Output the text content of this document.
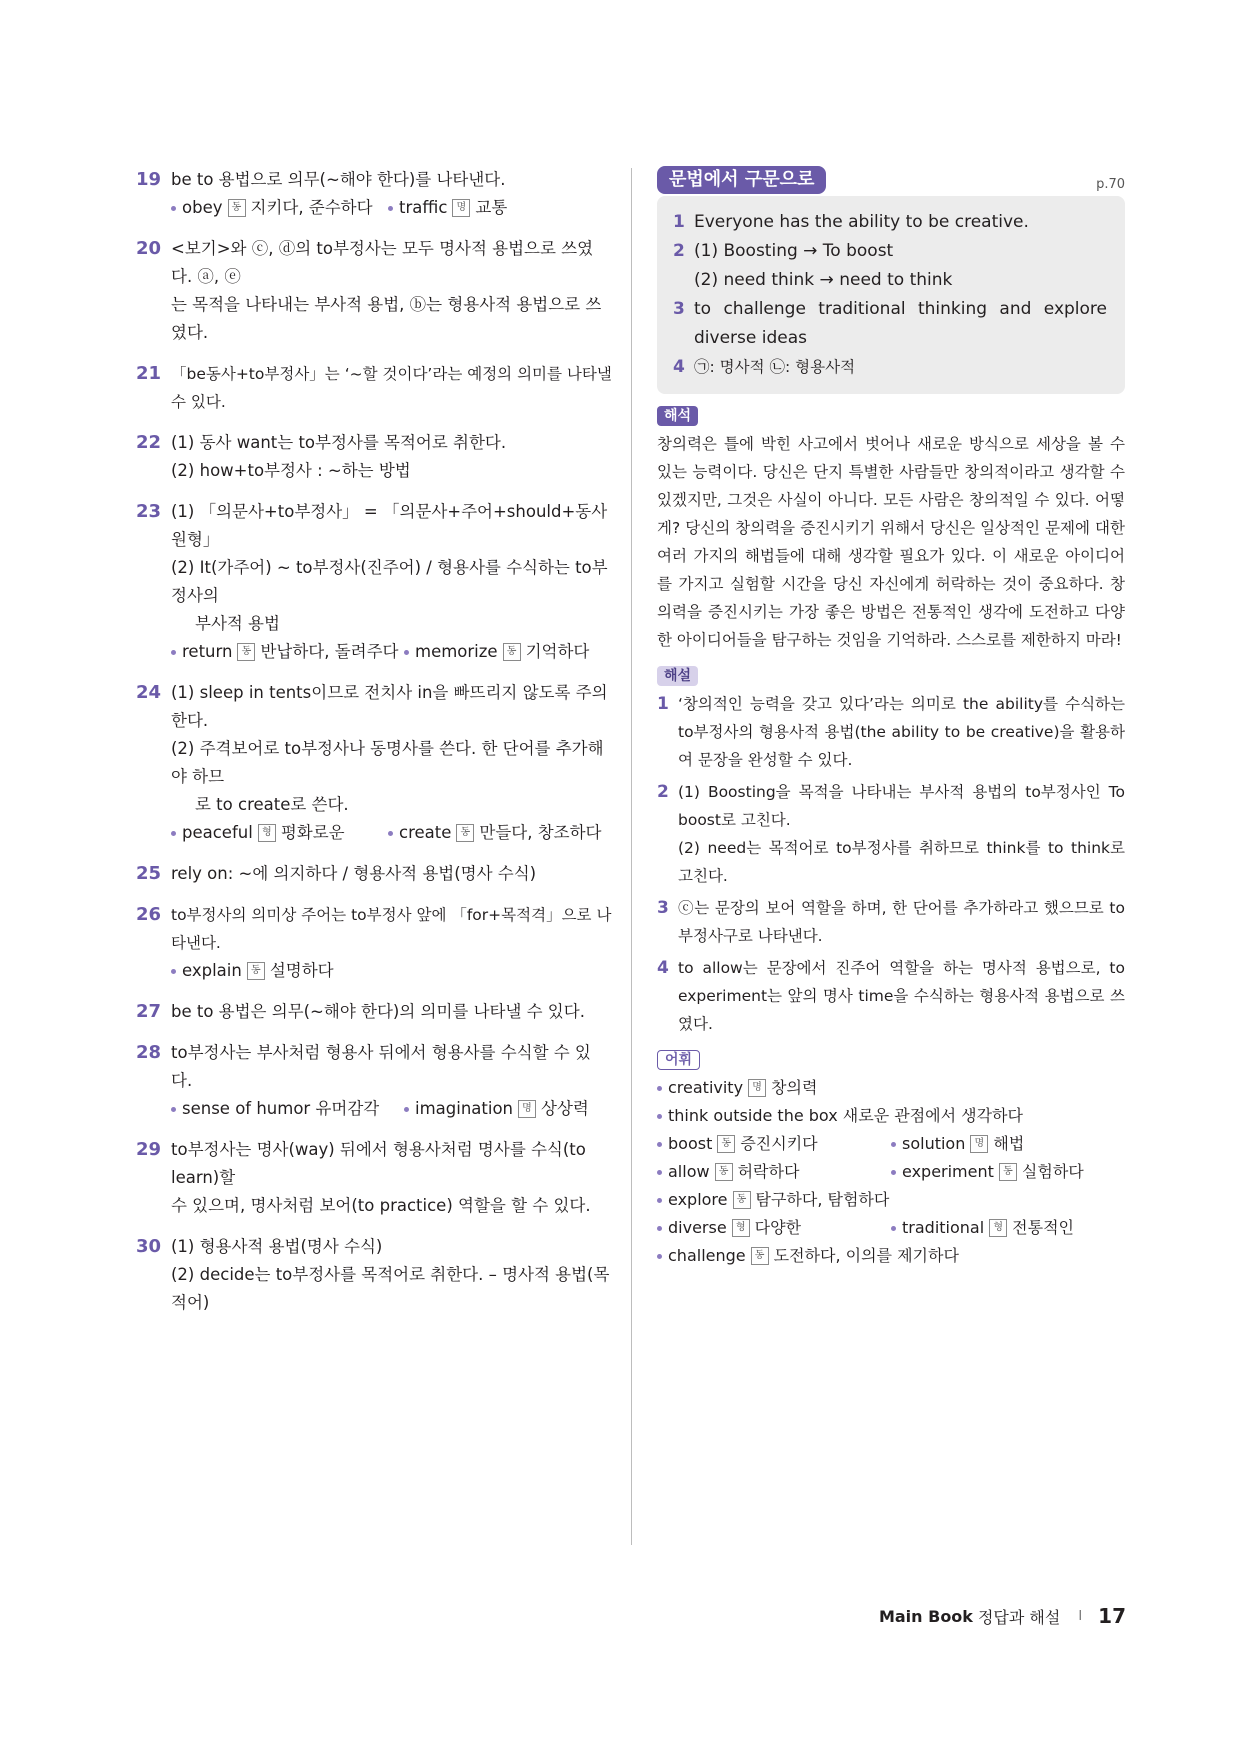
19 be to 용법으로 의무(~해야 한다)를 나타낸다.
obey 동 지키다, 준수하다 traffic 명 교통
20 <보기>와 ⓒ, ⓓ의 to부정사는 모두 명사적 용법으로 쓰였다. ⓐ, ⓔ
는 목적을 나타내는 부사적 용법, ⓑ는 형용사적 용법으로 쓰였다.
21 「be동사+to부정사」는 ‘~할 것이다’라는 예정의 의미를 나타낼 수 있다.
22 (1) 동사 want는 to부정사를 목적어로 취한다.
(2) how+to부정사 : ~하는 방법
23 (1) 「의문사+to부정사」 = 「의문사+주어+should+동사원형」
(2) It(가주어) ~ to부정사(진주어) / 형용사를 수식하는 to부정사의
부사적 용법
return 동 반납하다, 돌려주다 memorize 동 기억하다
24 (1) sleep in tents이므로 전치사 in을 빠뜨리지 않도록 주의한다.
(2) 주격보어로 to부정사나 동명사를 쓴다. 한 단어를 추가해야 하므
로 to create로 쓴다.
peaceful 형 평화로운	create 동 만들다, 창조하다
25 rely on: ~에 의지하다 / 형용사적 용법(명사 수식)
26 to부정사의 의미상 주어는 to부정사 앞에 「for+목적격」으로 나타낸다.
explain 동 설명하다
27 be to 용법은 의무(~해야 한다)의 의미를 나타낼 수 있다.
28 to부정사는 부사처럼 형용사 뒤에서 형용사를 수식할 수 있다.
sense of humor
유머감각 imagination 명 상상력
29 to부정사는 명사(way) 뒤에서 형용사처럼 명사를 수식(to learn)할
수 있으며, 명사처럼 보어(to practice) 역할을 할 수 있다.
30 (1) 형용사적 용법(명사 수식)
(2) decide는 to부정사를 목적어로 취한다. – 명사적 용법(목적어)
문법에서 구문으로	p.70
1 Everyone has the ability to be creative.
2 (1) Boosting → To boost
(2) need think → need to think
3 to challenge traditional thinking and explore
diverse ideas
4 ㉠: 명사적 ㉡: 형용사적
해석
창의력은 틀에 박힌 사고에서 벗어나 새로운 방식으로 세상을 볼 수 있는 능력이다. 당신은 단지 특별한 사람들만 창의적이라고 생각할 수 있겠지만, 그것은 사실이 아니다. 모든 사람은 창의적일 수 있다. 어떻게? 당신의 창의력을 증진시키기 위해서 당신은 일상적인 문제에 대한 여러 가지의 해법들에 대해 생각할 필요가 있다. 이 새로운 아이디어를 가지고 실험할 시간을 당신 자신에게 허락하는 것이 중요하다. 창의력을 증진시키는 가장 좋은 방법은 전통적인 생각에 도전하고 다양한 아이디어들을 탐구하는 것임을 기억하라. 스스로를 제한하지 마라!
해설
1 ‘창의적인 능력을 갖고 있다’라는 의미로 the ability를 수식하는 to부정사의 형용사적 용법(the ability to be creative)을 활용하여 문장을 완성할 수 있다.
2 (1) Boosting을 목적을 나타내는 부사적 용법의 to부정사인 To boost로 고친다.
(2) need는 목적어로 to부정사를 취하므로 think를 to think로 고친다.
3 ⓒ는 문장의 보어 역할을 하며, 한 단어를 추가하라고 했으므로 to부정사구로 나타낸다.
4 to allow는 문장에서 진주어 역할을 하는 명사적 용법으로, to experiment는 앞의 명사 time을 수식하는 형용사적 용법으로 쓰였다.
어휘
creativity 명 창의력
think outside the box
새로운 관점에서 생각하다
boost 동 증진시키다	solution 명 해법
allow 동 허락하다	experiment 동 실험하다
explore 동 탐구하다, 탐험하다
diverse 형 다양한	traditional 형 전통적인
challenge 동 도전하다, 이의를 제기하다
Main Book 정답과 해설 I 17
